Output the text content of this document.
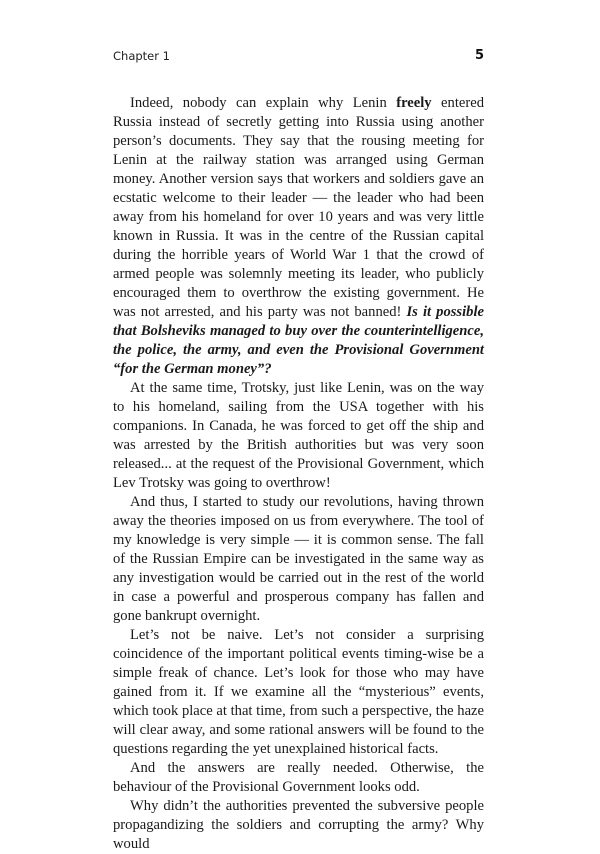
Chapter 1	5

Indeed, nobody can explain why Lenin freely entered Russia instead of secretly getting into Russia using another person’s documents. They say that the rousing meeting for Lenin at the railway station was arranged using German money. Another version says that workers and soldiers gave an ecstatic welcome to their leader — the leader who had been away from his homeland for over 10 years and was very little known in Russia. It was in the centre of the Russian capital during the horrible years of World War 1 that the crowd of armed people was solemnly meeting its leader, who publicly encouraged them to overthrow the existing government. He was not arrested, and his party was not banned! Is it possible that Bolsheviks managed to buy over the counterintelligence, the police, the army, and even the Provisional Government “for the German money”?

At the same time, Trotsky, just like Lenin, was on the way to his homeland, sailing from the USA together with his companions. In Canada, he was forced to get off the ship and was arrested by the British authorities but was very soon released... at the request of the Provisional Government, which Lev Trotsky was going to overthrow!

And thus, I started to study our revolutions, having thrown away the theories imposed on us from everywhere. The tool of my knowledge is very simple — it is common sense. The fall of the Russian Empire can be investigated in the same way as any investigation would be carried out in the rest of the world in case a powerful and prosperous company has fallen and gone bankrupt overnight.

Let’s not be naive. Let’s not consider a surprising coincidence of the important political events timing-wise be a simple freak of chance. Let’s look for those who may have gained from it. If we examine all the “mysterious” events, which took place at that time, from such a perspective, the haze will clear away, and some rational answers will be found to the questions regarding the yet unexplained historical facts.

And the answers are really needed. Otherwise, the behaviour of the Provisional Government looks odd.

Why didn’t the authorities prevented the subversive people propagandizing the soldiers and corrupting the army? Why would
